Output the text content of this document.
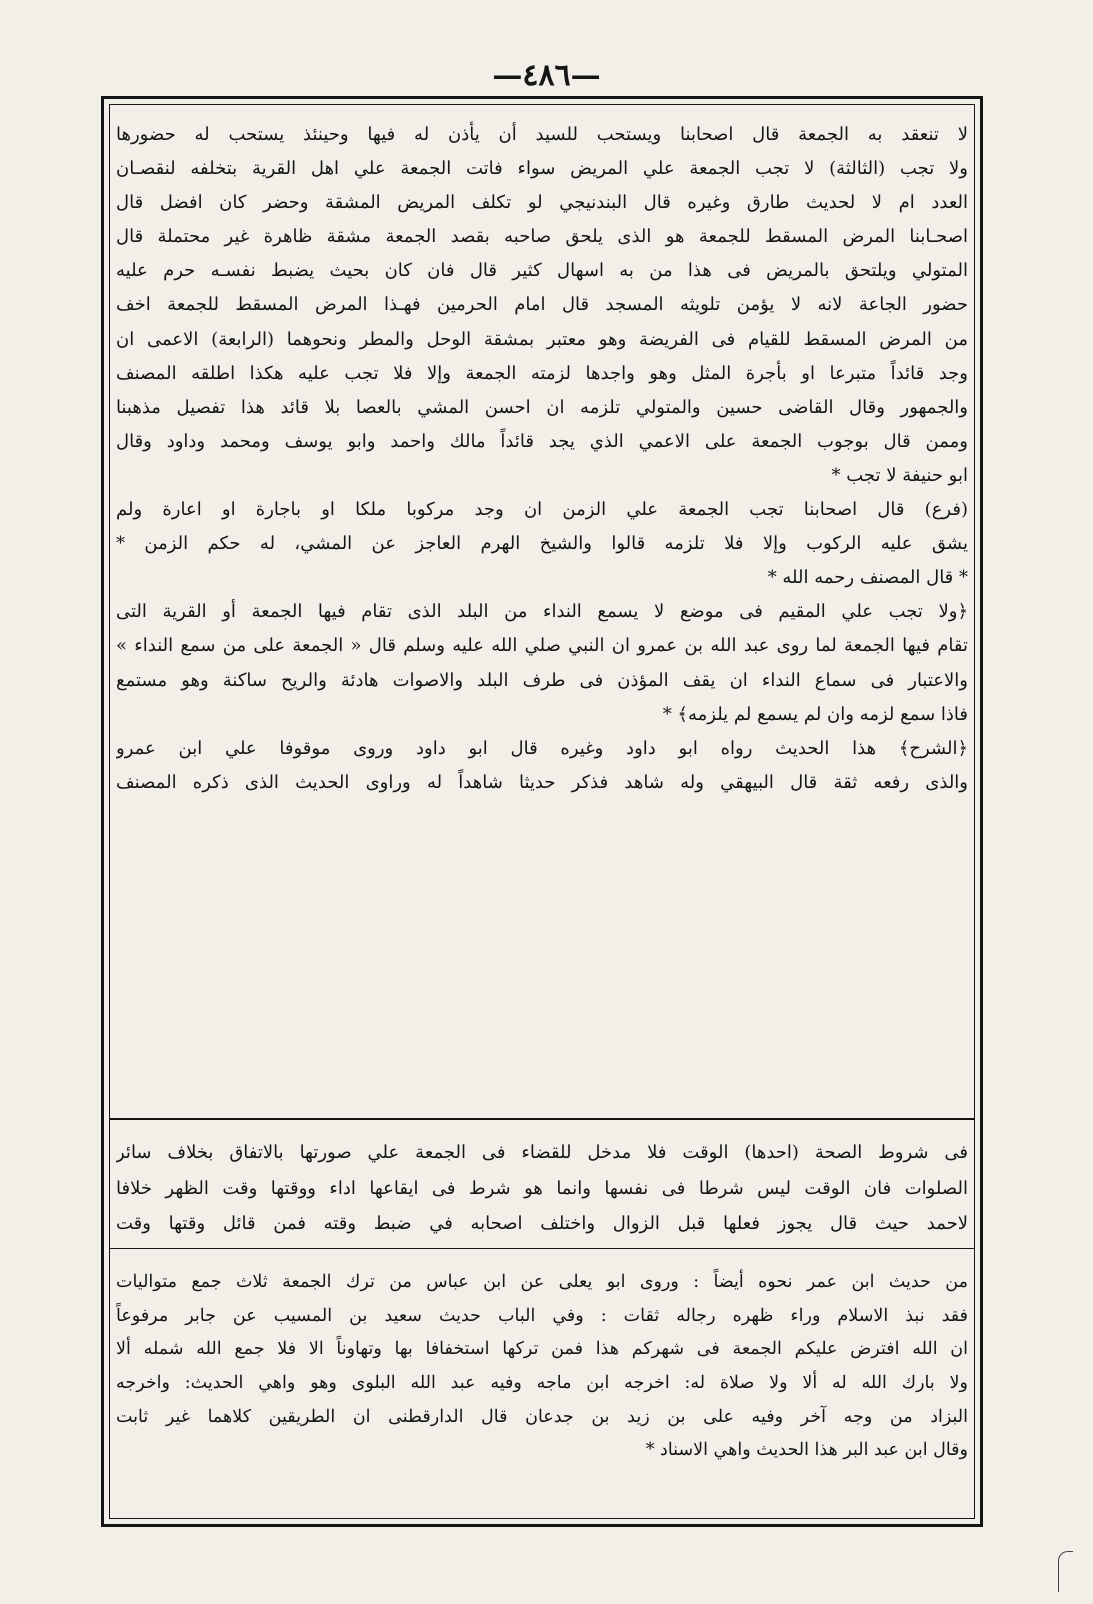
—٤٨٦—
لا تنعقد به الجمعة قال اصحابنا ويستحب للسيد أن يأذن له فيها وحينئذ يستحب له حضورها
ولا تجب (الثالثة) لا تجب الجمعة علي المريض سواء فاتت الجمعة علي اهل القرية بتخلفه لنقصـان
العدد ام لا لحديث طارق وغيره قال البندنيجي لو تكلف المريض المشقة وحضر كان افضل قال
اصحـابنا المرض المسقط للجمعة هو الذى يلحق صاحبه بقصد الجمعة مشقة ظاهرة غير محتملة قال
المتولي ويلتحق بالمريض فى هذا من به اسهال كثير قال فان كان بحيث يضبط نفسـه حرم عليه
حضور الجاعة لانه لا يؤمن تلويثه المسجد قال امام الحرمين فهـذا المرض المسقط للجمعة اخف
من المرض المسقط للقيام فى الفريضة وهو معتبر بمشقة الوحل والمطر ونحوهما (الرابعة) الاعمى ان
وجد قائداً متبرعا او بأجرة المثل وهو واجدها لزمته الجمعة وإلا فلا تجب عليه هكذا اطلقه المصنف
والجمهور وقال القاضى حسين والمتولي تلزمه ان احسن المشي بالعصا بلا قائد هذا تفصيل مذهبنا
وممن قال بوجوب الجمعة على الاعمي الذي يجد قائداً مالك واحمد وابو يوسف ومحمد وداود وقال
ابو حنيفة لا تجب *
(فرع) قال اصحابنا تجب الجمعة علي الزمن ان وجد مركوبا ملكا او باجارة او اعارة ولم
يشق عليه الركوب وإلا فلا تلزمه قالوا والشيخ الهرم العاجز عن المشي، له حكم الزمن *
* قال المصنف رحمه الله *
﴿ولا تجب علي المقيم فى موضع لا يسمع النداء من البلد الذى تقام فيها الجمعة أو القرية التى
تقام فيها الجمعة لما روى عبد الله بن عمرو ان النبي صلي الله عليه وسلم قال « الجمعة على من سمع النداء »
والاعتبار فى سماع النداء ان يقف المؤذن فى طرف البلد والاصوات هادئة والريح ساكنة وهو مستمع
فاذا سمع لزمه وان لم يسمع لم يلزمه﴾ *
﴿الشرح﴾ هذا الحديث رواه ابو داود وغيره قال ابو داود وروى موقوفا علي ابن عمرو
والذى رفعه ثقة قال البيهقي وله شاهد فذكر حديثا شاهداً له وراوى الحديث الذى ذكره المصنف
فى شروط الصحة (احدها) الوقت فلا مدخل للقضاء فى الجمعة علي صورتها بالاتفاق بخلاف سائر
الصلوات فان الوقت ليس شرطا فى نفسها وانما هو شرط فى ايقاعها اداء ووقتها وقت الظهر خلافا
لاحمد حيث قال يجوز فعلها قبل الزوال واختلف اصحابه في ضبط وقته فمن قائل وقتها وقت
من حديث ابن عمر نحوه أيضاً : وروى ابو يعلى عن ابن عباس من ترك الجمعة ثلاث جمع متواليات
فقد نبذ الاسلام وراء ظهره رجاله ثقات : وفي الباب حديث سعيد بن المسيب عن جابر مرفوعاً
ان الله افترض عليكم الجمعة فى شهركم هذا فمن تركها استخفافا بها وتهاوناً الا فلا جمع الله شمله ألا
ولا بارك الله له ألا ولا صلاة له: اخرجه ابن ماجه وفيه عبد الله البلوى وهو واهي الحديث: واخرجه
البزاد من وجه آخر وفيه على بن زيد بن جدعان قال الدارقطنى ان الطريقين كلاهما غير ثابت
وقال ابن عبد البر هذا الحديث واهي الاسناد *
